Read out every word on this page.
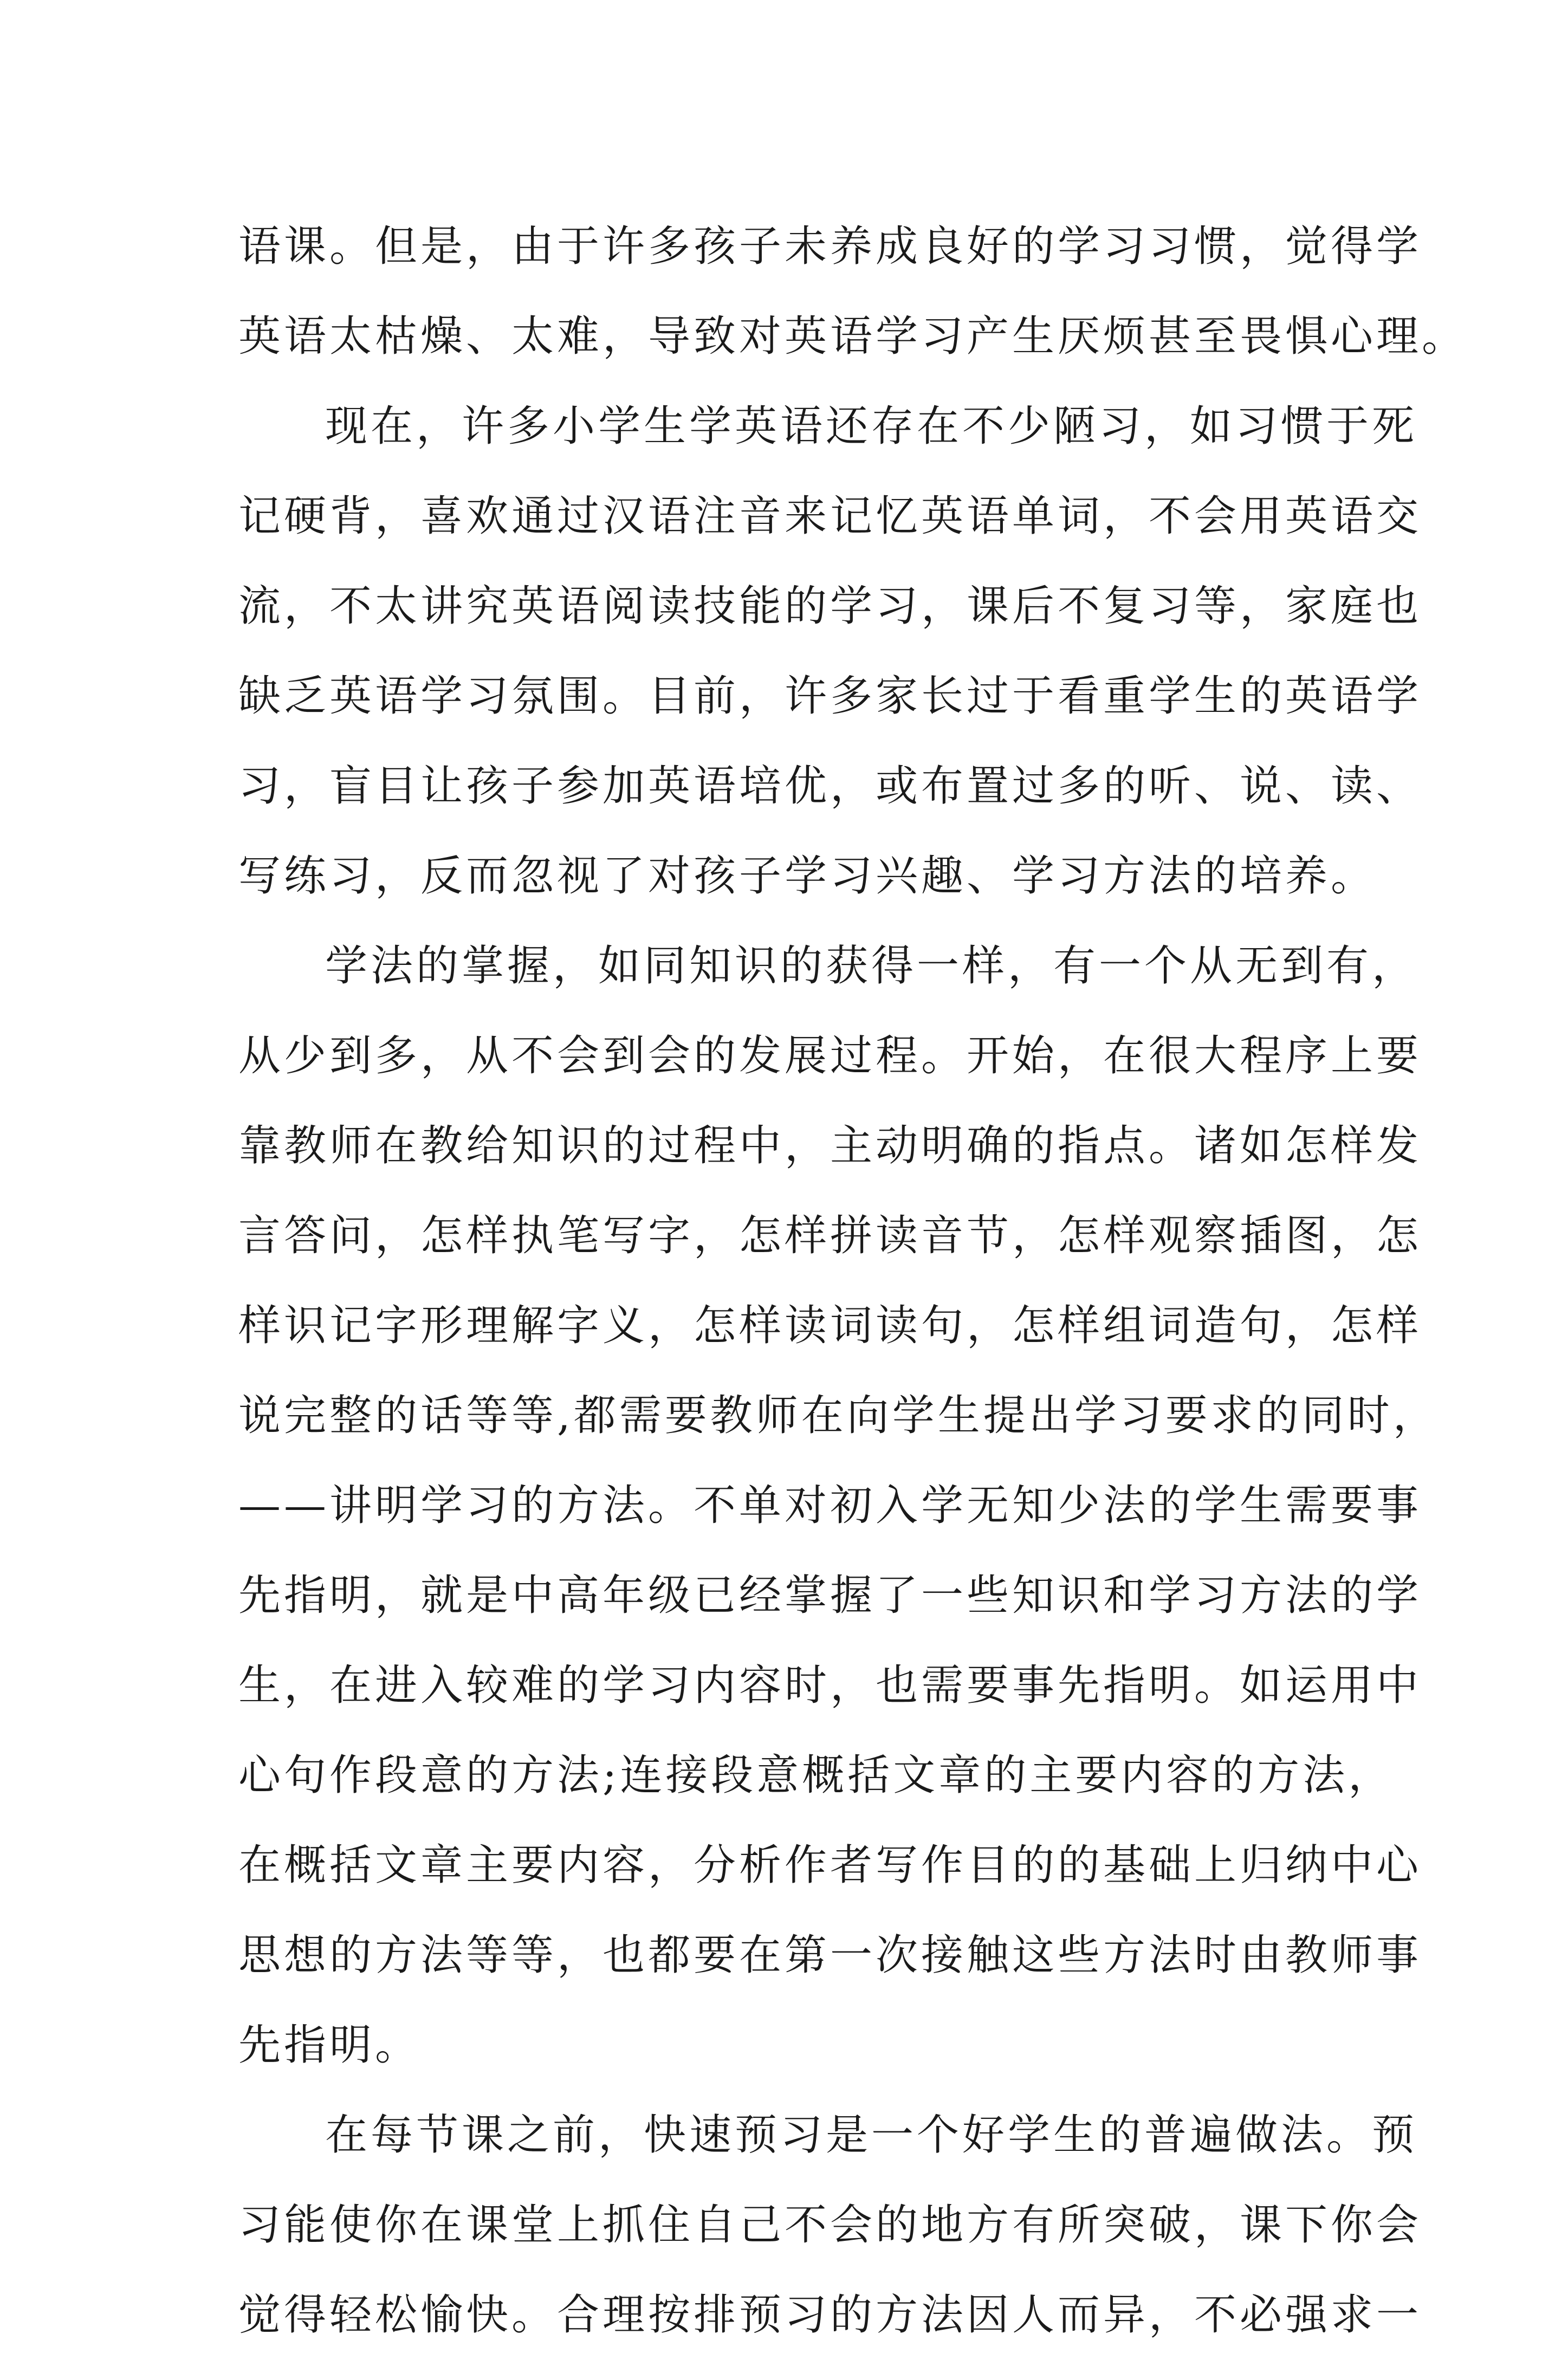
语课。但是，由于许多孩子未养成良好的学习习惯，觉得学
英语太枯燥、太难，导致对英语学习产生厌烦甚至畏惧心理。
现在，许多小学生学英语还存在不少陋习，如习惯于死
记硬背，喜欢通过汉语注音来记忆英语单词，不会用英语交
流，不太讲究英语阅读技能的学习，课后不复习等，家庭也
缺乏英语学习氛围。目前，许多家长过于看重学生的英语学
习，盲目让孩子参加英语培优，或布置过多的听、说、读、
写练习，反而忽视了对孩子学习兴趣、学习方法的培养。
学法的掌握，如同知识的获得一样，有一个从无到有，
从少到多，从不会到会的发展过程。开始，在很大程序上要
靠教师在教给知识的过程中，主动明确的指点。诸如怎样发
言答问，怎样执笔写字，怎样拼读音节，怎样观察插图，怎
样识记字形理解字义，怎样读词读句，怎样组词造句，怎样
说完整的话等等,都需要教师在向学生提出学习要求的同时，
——讲明学习的方法。不单对初入学无知少法的学生需要事
先指明，就是中高年级已经掌握了一些知识和学习方法的学
生，在进入较难的学习内容时，也需要事先指明。如运用中
心句作段意的方法;连接段意概括文章的主要内容的方法，
在概括文章主要内容，分析作者写作目的的基础上归纳中心
思想的方法等等，也都要在第一次接触这些方法时由教师事
先指明。
在每节课之前，快速预习是一个好学生的普遍做法。预
习能使你在课堂上抓住自己不会的地方有所突破，课下你会
觉得轻松愉快。合理按排预习的方法因人而异，不必强求一
